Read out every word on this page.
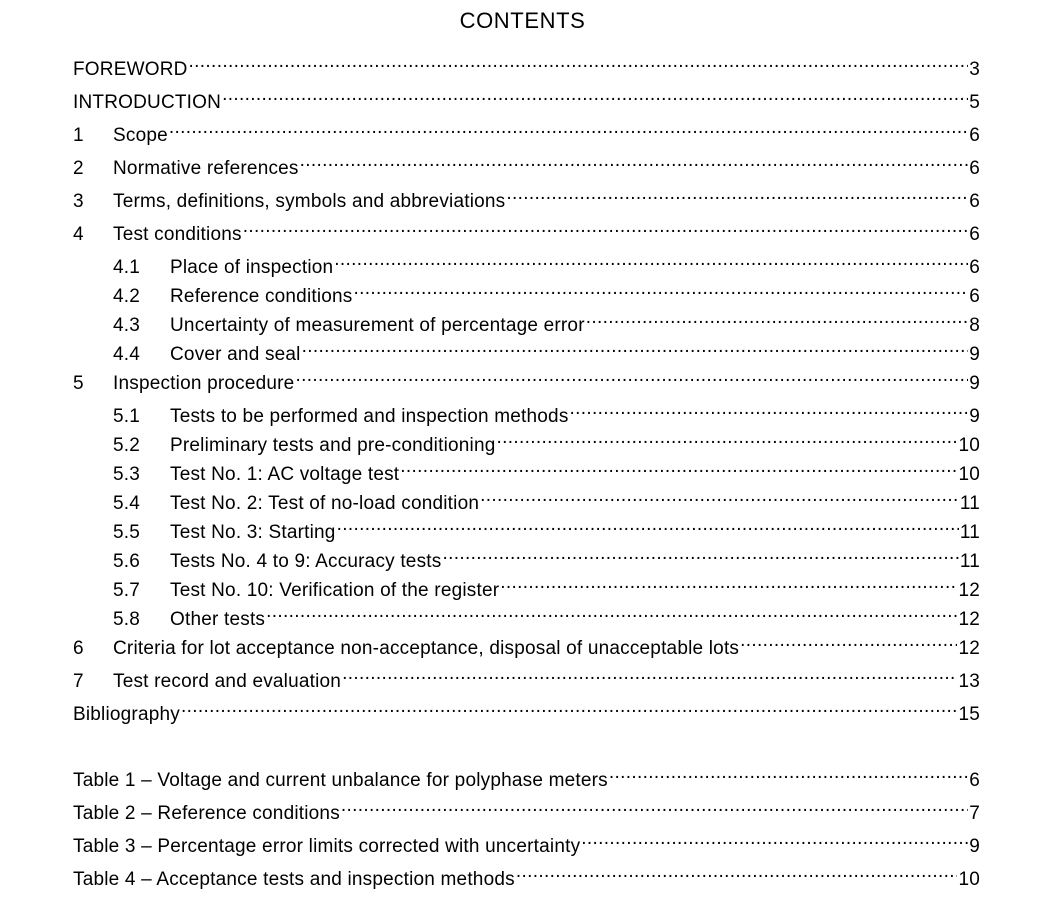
CONTENTS
FOREWORD .....	3
INTRODUCTION .....	5
1	Scope .....	6
2	Normative references .....	6
3	Terms, definitions, symbols and abbreviations .....	6
4	Test conditions .....	6
4.1	Place of inspection .....	6
4.2	Reference conditions .....	6
4.3	Uncertainty of measurement of percentage error .....	8
4.4	Cover and seal .....	9
5	Inspection procedure .....	9
5.1	Tests to be performed and inspection methods .....	9
5.2	Preliminary tests and pre-conditioning .....	10
5.3	Test No. 1: AC voltage test .....	10
5.4	Test No. 2: Test of no-load condition .....	11
5.5	Test No. 3: Starting .....	11
5.6	Tests No. 4 to 9: Accuracy tests .....	11
5.7	Test No. 10: Verification of the register .....	12
5.8	Other tests .....	12
6	Criteria for lot acceptance non-acceptance, disposal of unacceptable lots .....	12
7	Test record and evaluation .....	13
Bibliography .....	15
Table 1 – Voltage and current unbalance for polyphase meters .....	6
Table 2 – Reference conditions .....	7
Table 3 – Percentage error limits corrected with uncertainty .....	9
Table 4 – Acceptance tests and inspection methods .....	10
